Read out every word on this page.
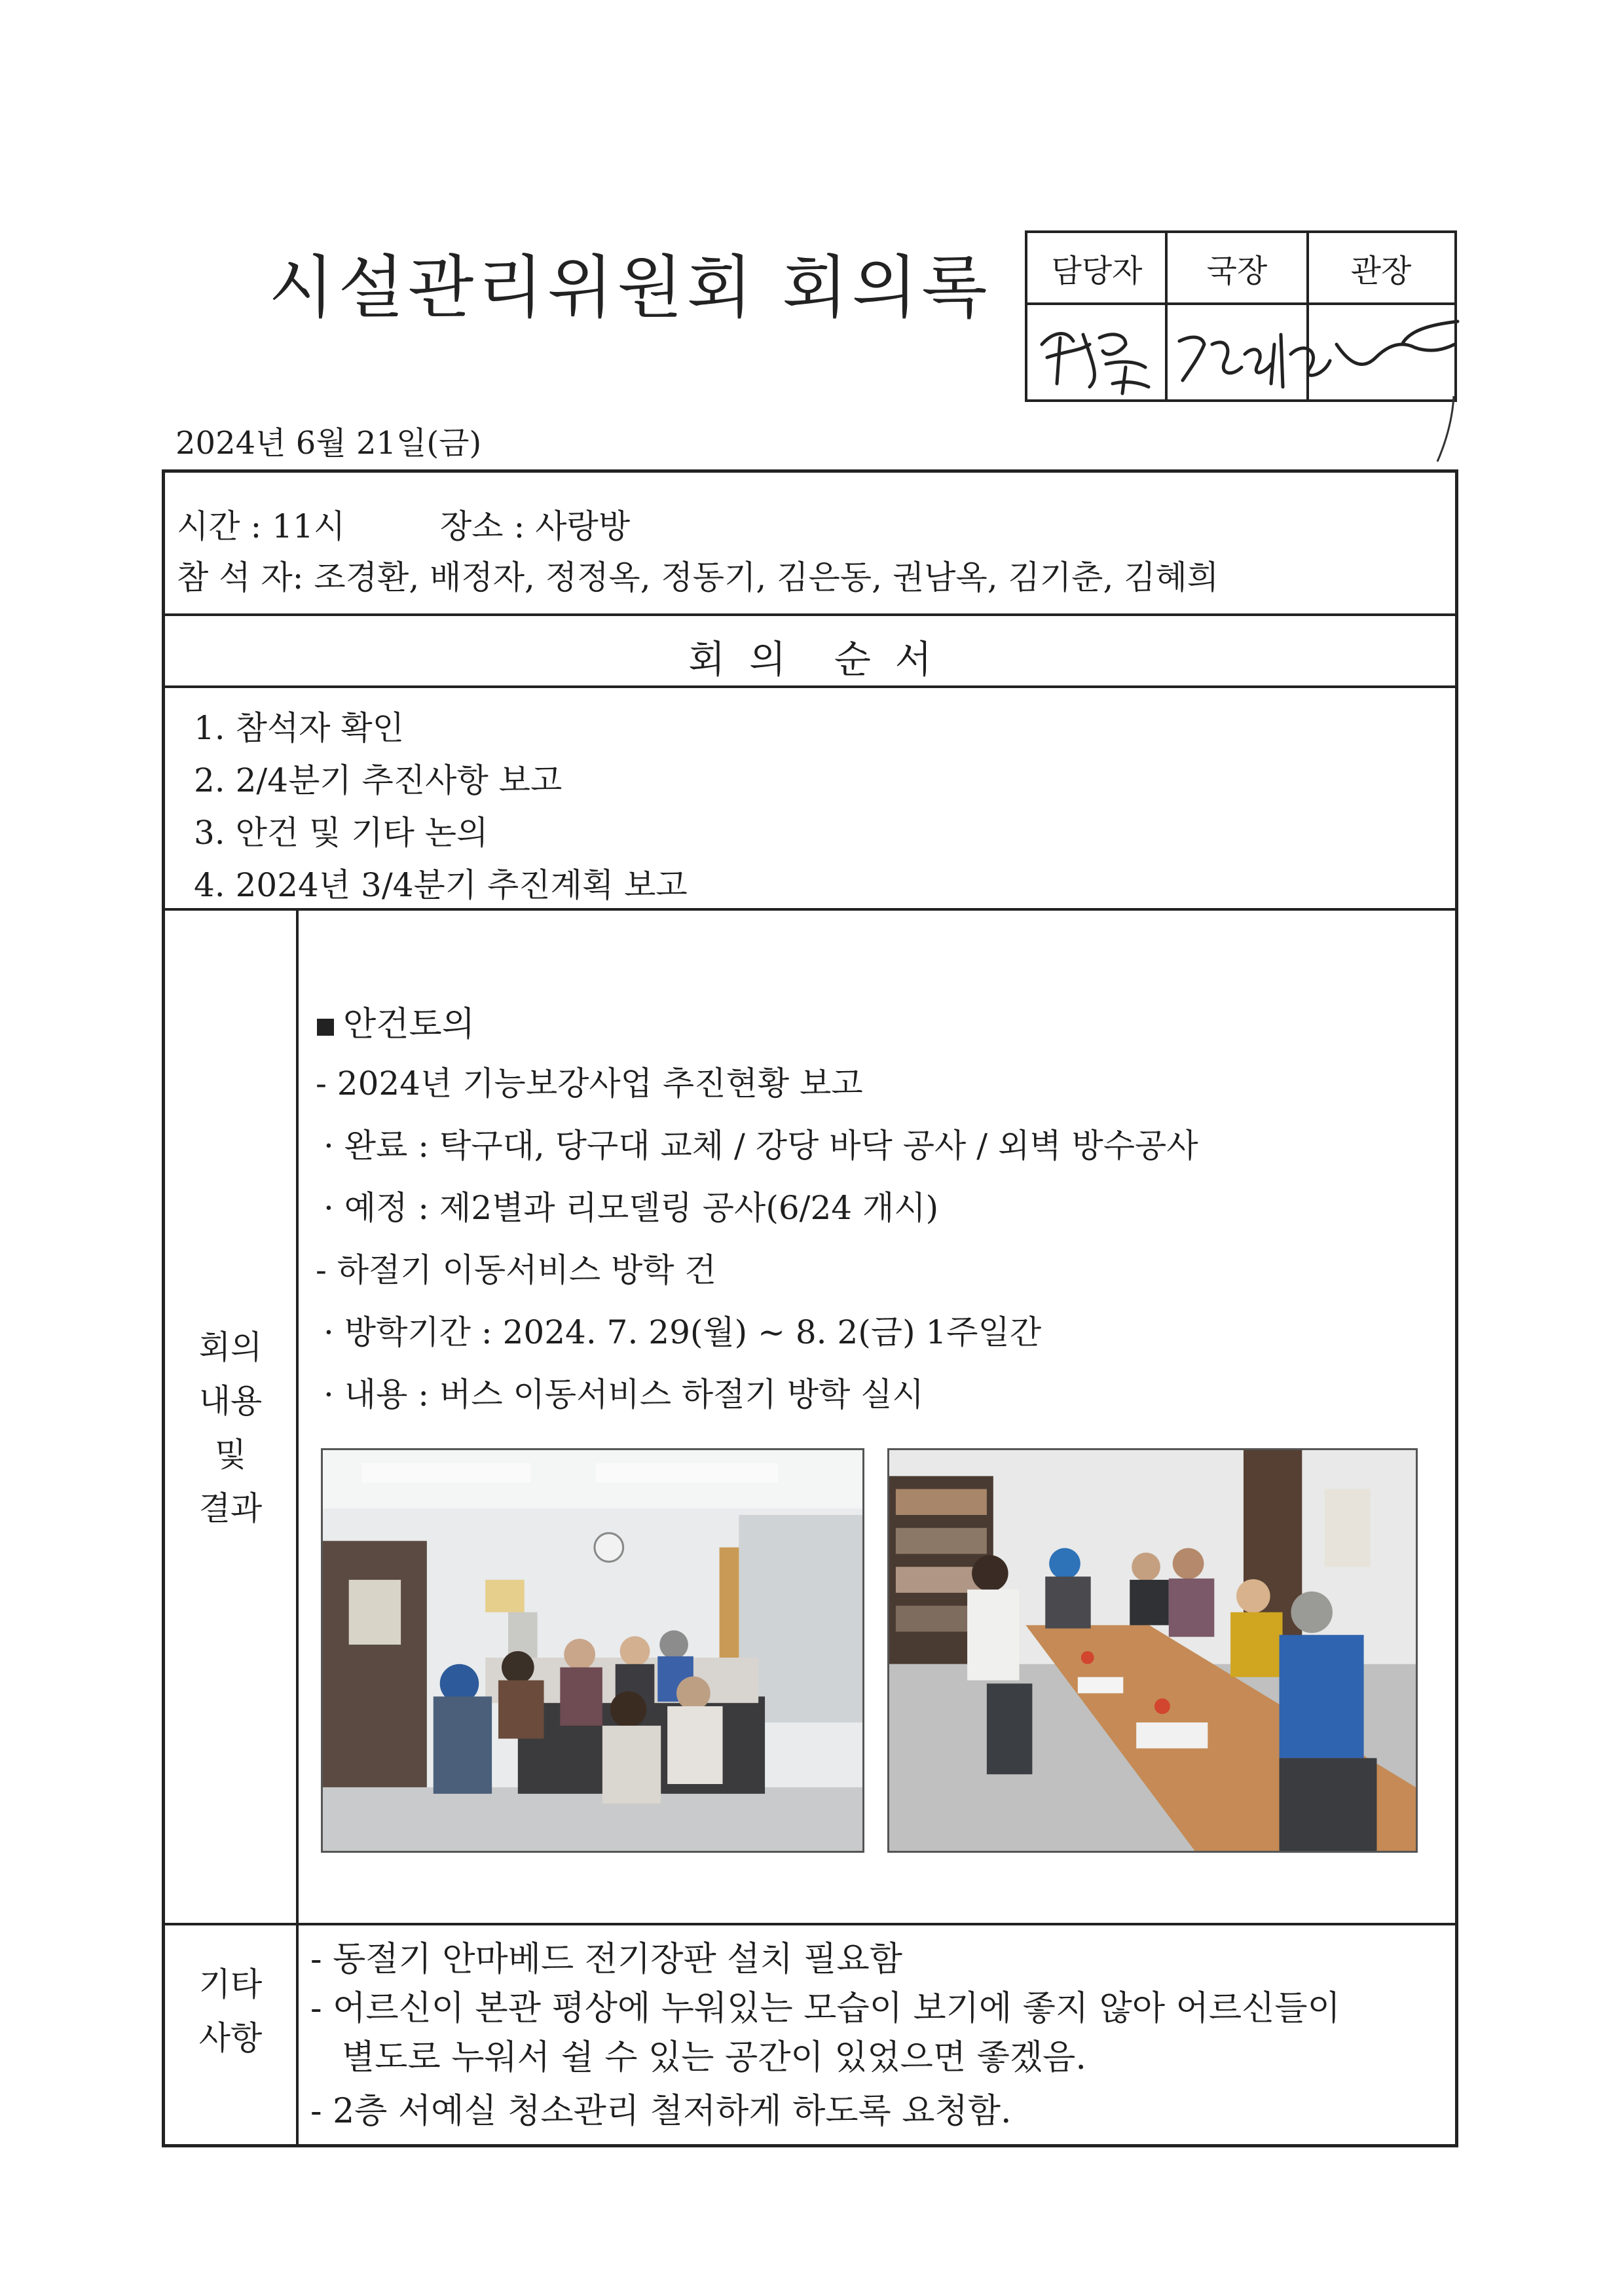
시설관리위원회 회의록	담당자	국장	관장
2024년 6월 21일(금)
시간 : 11시	장소 : 사랑방
참 석 자: 조경환, 배정자, 정정옥, 정동기, 김은동, 권남옥, 김기춘, 김혜희
회  의    순  서
1. 참석자 확인
2. 2/4분기 추진사항 보고
3. 안건 및 기타 논의
4. 2024년 3/4분기 추진계획 보고
회의
내용
및
결과
안건토의
- 2024년 기능보강사업 추진현황 보고
· 완료 : 탁구대, 당구대 교체 / 강당 바닥 공사 / 외벽 방수공사
· 예정 : 제2별과 리모델링 공사(6/24 개시)
- 하절기 이동서비스 방학 건
· 방학기간 : 2024. 7. 29(월) ~ 8. 2(금) 1주일간
· 내용 : 버스 이동서비스 하절기 방학 실시
기타
사항
- 동절기 안마베드 전기장판 설치 필요함
- 어르신이 본관 평상에 누워있는 모습이 보기에 좋지 않아 어르신들이
별도로 누워서 쉴 수 있는 공간이 있었으면 좋겠음.
- 2층 서예실 청소관리 철저하게 하도록 요청함.
